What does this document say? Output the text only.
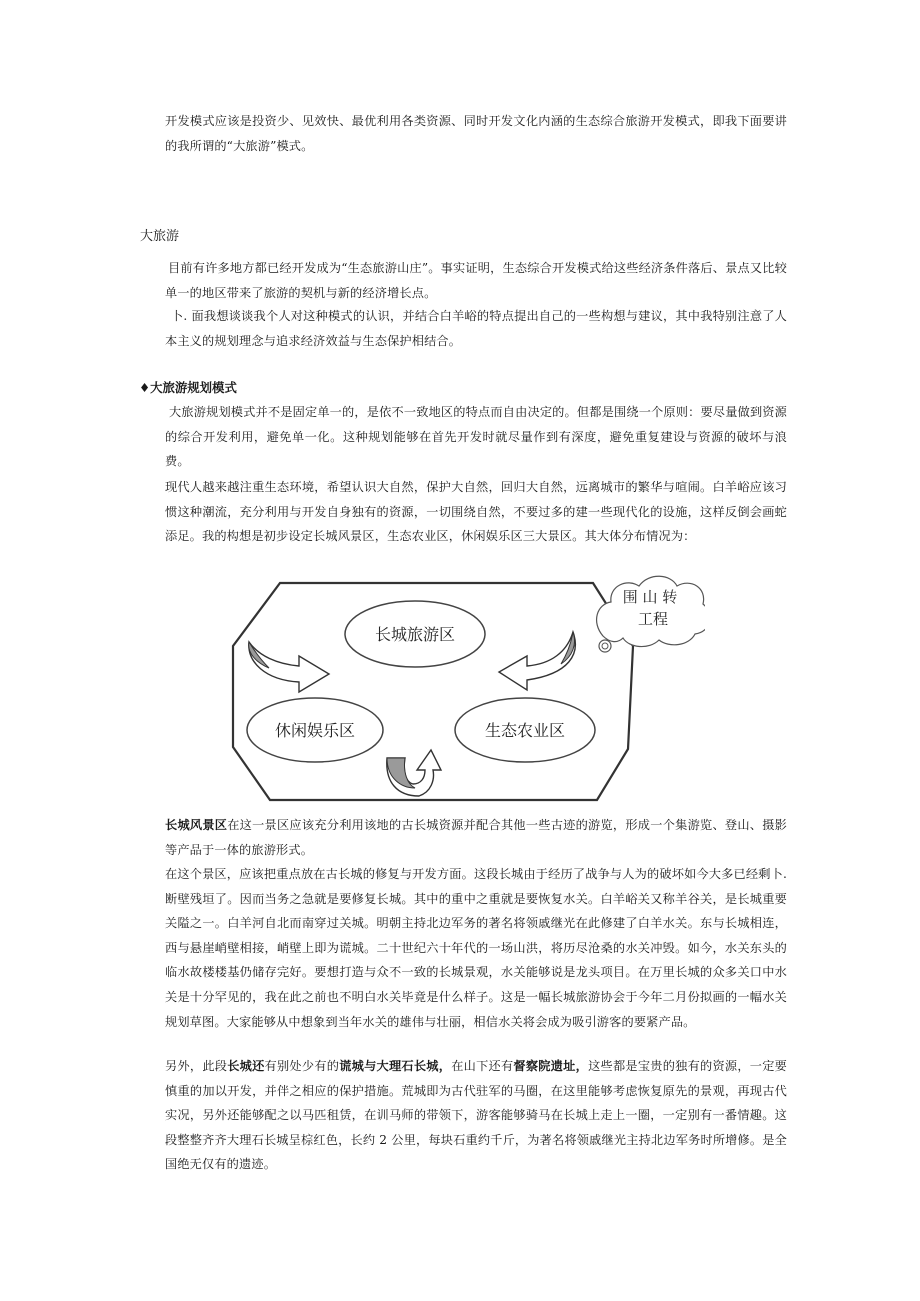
开发模式应该是投资少、见效快、最优利用各类资源、同时开发文化内涵的生态综合旅游开发模式，即我下面要讲的我所谓的“大旅游”模式。

大旅游

目前有许多地方都已经开发成为“生态旅游山庄”。事实证明，生态综合开发模式给这些经济条件落后、景点又比较单一的地区带来了旅游的契机与新的经济增长点。

卜. 面我想谈谈我个人对这种模式的认识，并结合白羊峪的特点提出自己的一些构想与建议，其中我特别注意了人本主义的规划理念与追求经济效益与生态保护相结合。

♦大旅游规划模式

大旅游规划模式并不是固定单一的，是依不一致地区的特点而自由决定的。但都是围绕一个原则：要尽量做到资源的综合开发利用，避免单一化。这种规划能够在首先开发时就尽量作到有深度，避免重复建设与资源的破坏与浪费。

现代人越来越注重生态环境，希望认识大自然，保护大自然，回归大自然，远离城市的繁华与喧闹。白羊峪应该习惯这种潮流，充分利用与开发自身独有的资源，一切围绕自然，不要过多的建一些现代化的设施，这样反倒会画蛇添足。我的构想是初步设定长城风景区，生态农业区，休闲娱乐区三大景区。其大体分布情况为：

围 山 转
工程
长城旅游区
休闲娱乐区	生态农业区

长城风景区在这一景区应该充分利用该地的古长城资源并配合其他一些古迹的游览，形成一个集游览、登山、摄影等产品于一体的旅游形式。

在这个景区，应该把重点放在古长城的修复与开发方面。这段长城由于经历了战争与人为的破坏如今大多已经剩卜. 断壁残垣了。因而当务之急就是要修复长城。其中的重中之重就是要恢复水关。白羊峪关又称羊谷关，是长城重要关隘之一。白羊河自北而南穿过关城。明朝主持北边军务的著名将领戚继光在此修建了白羊水关。东与长城相连，西与悬崖峭壁相接，峭壁上即为谎城。二十世纪六十年代的一场山洪，将历尽沧桑的水关冲毁。如今，水关东头的临水故楼楼基仍储存完好。要想打造与众不一致的长城景观，水关能够说是龙头项目。在万里长城的众多关口中水关是十分罕见的，我在此之前也不明白水关毕竟是什么样子。这是一幅长城旅游协会于今年二月份拟画的一幅水关规划草图。大家能够从中想象到当年水关的雄伟与壮丽，相信水关将会成为吸引游客的要紧产品。

另外，此段长城还有别处少有的谎城与大理石长城，在山下还有督察院遗址，这些都是宝贵的独有的资源，一定要慎重的加以开发，并伴之相应的保护措施。荒城即为古代驻军的马圈，在这里能够考虑恢复原先的景观，再现古代实况，另外还能够配之以马匹租赁，在训马师的带领下，游客能够骑马在长城上走上一圈，一定别有一番情趣。这段整整齐齐大理石长城呈棕红色，长约 2 公里，每块石重约千斤，为著名将领戚继光主持北边军务时所增修。是全国绝无仅有的遗迹。
